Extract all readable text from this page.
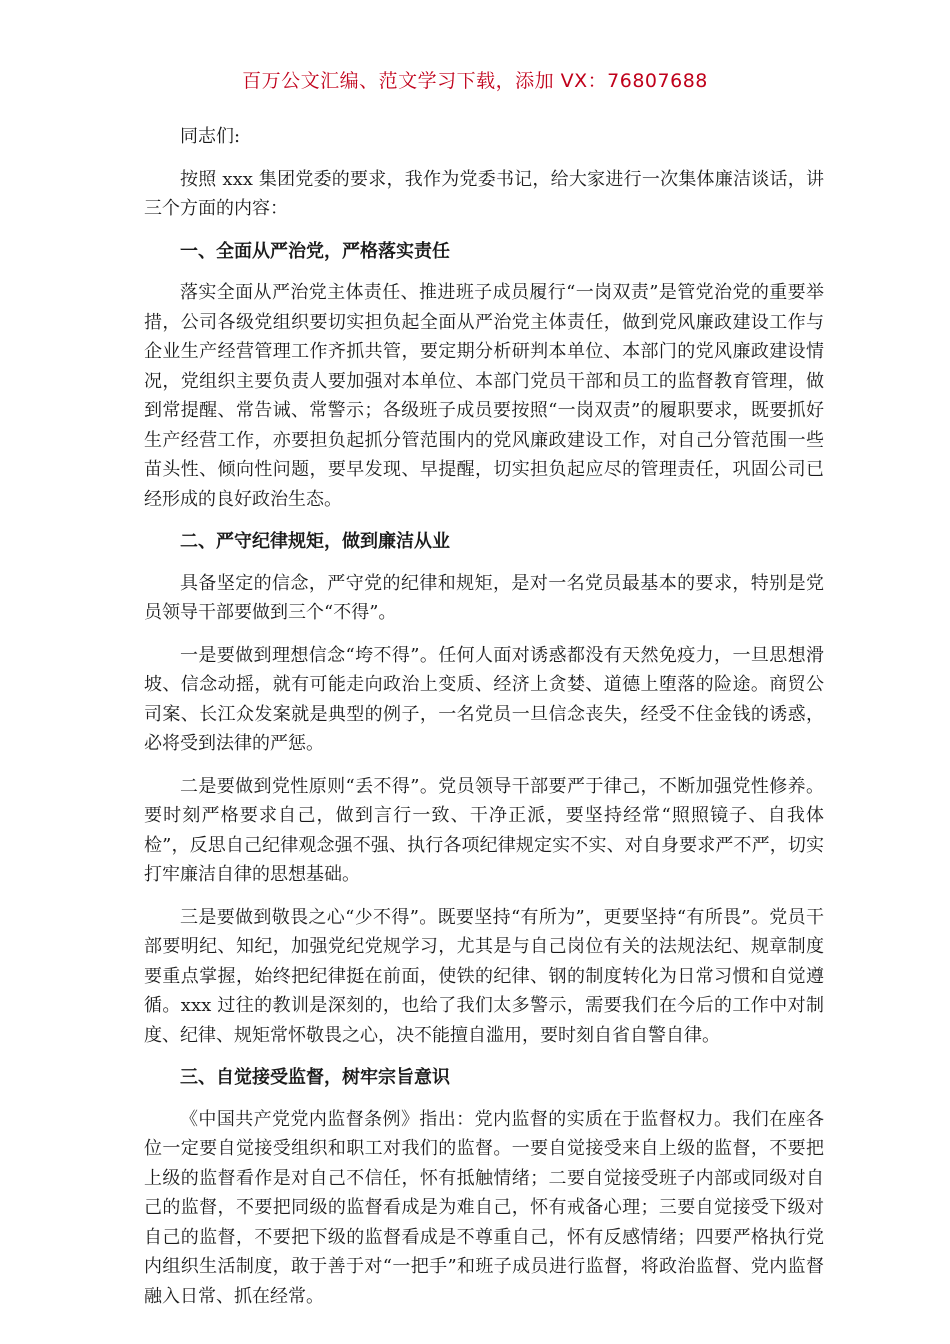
百万公文汇编、范文学习下载，添加 VX：76807688

同志们:

按照 xxx 集团党委的要求，我作为党委书记，给大家进行一次集体廉洁谈话，讲三个方面的内容：

一、全面从严治党，严格落实责任

落实全面从严治党主体责任、推进班子成员履行“一岗双责”是管党治党的重要举措，公司各级党组织要切实担负起全面从严治党主体责任，做到党风廉政建设工作与企业生产经营管理工作齐抓共管，要定期分析研判本单位、本部门的党风廉政建设情况，党组织主要负责人要加强对本单位、本部门党员干部和员工的监督教育管理，做到常提醒、常告诫、常警示；各级班子成员要按照“一岗双责”的履职要求，既要抓好生产经营工作，亦要担负起抓分管范围内的党风廉政建设工作，对自己分管范围一些苗头性、倾向性问题，要早发现、早提醒，切实担负起应尽的管理责任，巩固公司已经形成的良好政治生态。

二、严守纪律规矩，做到廉洁从业

具备坚定的信念，严守党的纪律和规矩，是对一名党员最基本的要求，特别是党员领导干部要做到三个“不得”。

一是要做到理想信念“垮不得”。任何人面对诱惑都没有天然免疫力，一旦思想滑坡、信念动摇，就有可能走向政治上变质、经济上贪婪、道德上堕落的险途。商贸公司案、长江众发案就是典型的例子，一名党员一旦信念丧失，经受不住金钱的诱惑，必将受到法律的严惩。

二是要做到党性原则“丢不得”。党员领导干部要严于律己，不断加强党性修养。要时刻严格要求自己，做到言行一致、干净正派，要坚持经常“照照镜子、自我体检”，反思自己纪律观念强不强、执行各项纪律规定实不实、对自身要求严不严，切实打牢廉洁自律的思想基础。

三是要做到敬畏之心“少不得”。既要坚持“有所为”，更要坚持“有所畏”。党员干部要明纪、知纪，加强党纪党规学习，尤其是与自己岗位有关的法规法纪、规章制度要重点掌握，始终把纪律挺在前面，使铁的纪律、钢的制度转化为日常习惯和自觉遵循。xxx 过往的教训是深刻的，也给了我们太多警示，需要我们在今后的工作中对制度、纪律、规矩常怀敬畏之心，决不能擅自滥用，要时刻自省自警自律。

三、自觉接受监督，树牢宗旨意识

《中国共产党党内监督条例》指出：党内监督的实质在于监督权力。我们在座各位一定要自觉接受组织和职工对我们的监督。一要自觉接受来自上级的监督，不要把上级的监督看作是对自己不信任，怀有抵触情绪；二要自觉接受班子内部或同级对自己的监督，不要把同级的监督看成是为难自己，怀有戒备心理；三要自觉接受下级对自己的监督，不要把下级的监督看成是不尊重自己，怀有反感情绪；四要严格执行党内组织生活制度，敢于善于对“一把手”和班子成员进行监督，将政治监督、党内监督融入日常、抓在经常。
